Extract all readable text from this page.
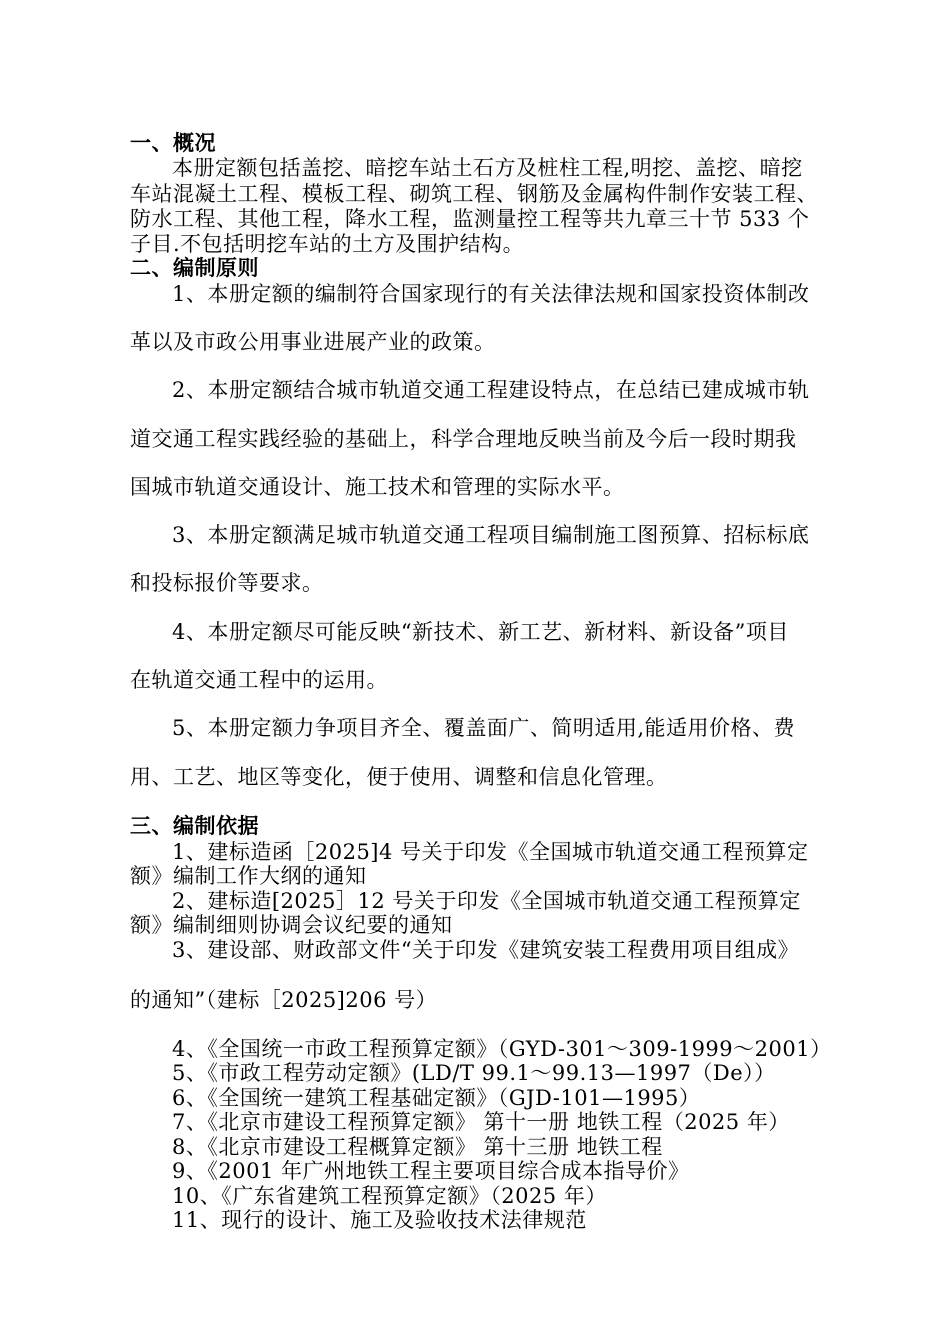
一、概况
本册定额包括盖挖、暗挖车站土石方及桩柱工程,明挖、盖挖、暗挖
车站混凝土工程、模板工程、砌筑工程、钢筋及金属构件制作安装工程、
防水工程、其他工程，降水工程，监测量控工程等共九章三十节 533 个
子目.不包括明挖车站的土方及围护结构。
二、编制原则
1、本册定额的编制符合国家现行的有关法律法规和国家投资体制改
革以及市政公用事业进展产业的政策。
2、本册定额结合城市轨道交通工程建设特点，在总结已建成城市轨
道交通工程实践经验的基础上，科学合理地反映当前及今后一段时期我
国城市轨道交通设计、施工技术和管理的实际水平。
3、本册定额满足城市轨道交通工程项目编制施工图预算、招标标底
和投标报价等要求。
4、本册定额尽可能反映“新技术、新工艺、新材料、新设备”项目
在轨道交通工程中的运用。
5、本册定额力争项目齐全、覆盖面广、简明适用,能适用价格、费
用、工艺、地区等变化，便于使用、调整和信息化管理。
三、编制依据
1、建标造函［2025]4 号关于印发《全国城市轨道交通工程预算定
额》编制工作大纲的通知
2、建标造[2025］12 号关于印发《全国城市轨道交通工程预算定
额》编制细则协调会议纪要的通知
3、建设部、财政部文件“关于印发《建筑安装工程费用项目组成》
的通知”（建标［2025]206 号）
4、《全国统一市政工程预算定额》（GYD-301～309-1999～2001）
5、《市政工程劳动定额》(LD/T 99.1～99.13—1997（De））
6、《全国统一建筑工程基础定额》（GJD-101—1995）
7、《北京市建设工程预算定额》 第十一册 地铁工程（2025 年）
8、《北京市建设工程概算定额》 第十三册 地铁工程
9、《2001 年广州地铁工程主要项目综合成本指导价》
10、《广东省建筑工程预算定额》（2025 年）
11、现行的设计、施工及验收技术法律规范
